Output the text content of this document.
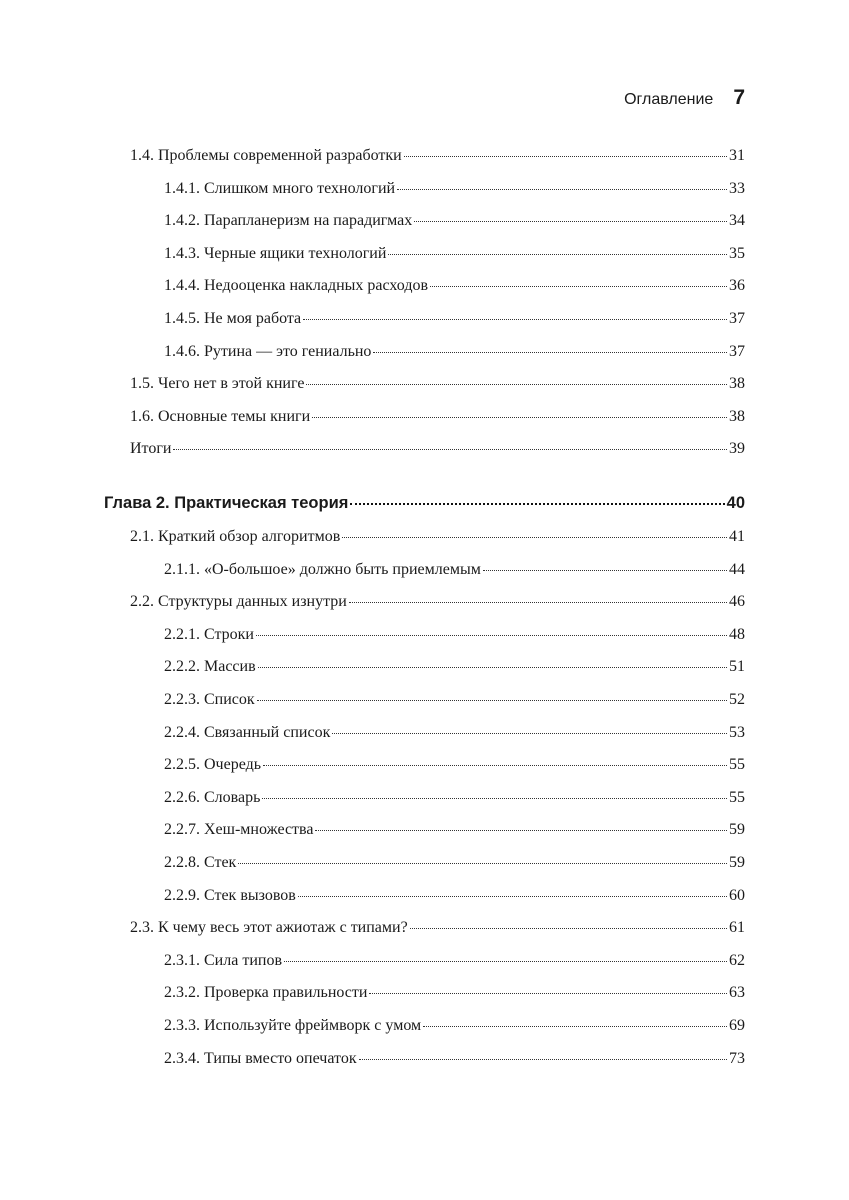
Оглавление 7
1.4. Проблемы современной разработки	31
1.4.1. Слишком много технологий	33
1.4.2. Парапланеризм на парадигмах	34
1.4.3. Черные ящики технологий	35
1.4.4. Недооценка накладных расходов	36
1.4.5. Не моя работа	37
1.4.6. Рутина — это гениально	37
1.5. Чего нет в этой книге	38
1.6. Основные темы книги	38
Итоги	39
Глава 2. Практическая теория	40
2.1. Краткий обзор алгоритмов	41
2.1.1. «О-большое» должно быть приемлемым	44
2.2. Структуры данных изнутри	46
2.2.1. Строки	48
2.2.2. Массив	51
2.2.3. Список	52
2.2.4. Связанный список	53
2.2.5. Очередь	55
2.2.6. Словарь	55
2.2.7. Хеш-множества	59
2.2.8. Стек	59
2.2.9. Стек вызовов	60
2.3. К чему весь этот ажиотаж с типами?	61
2.3.1. Сила типов	62
2.3.2. Проверка правильности	63
2.3.3. Используйте фреймворк с умом	69
2.3.4. Типы вместо опечаток	73
